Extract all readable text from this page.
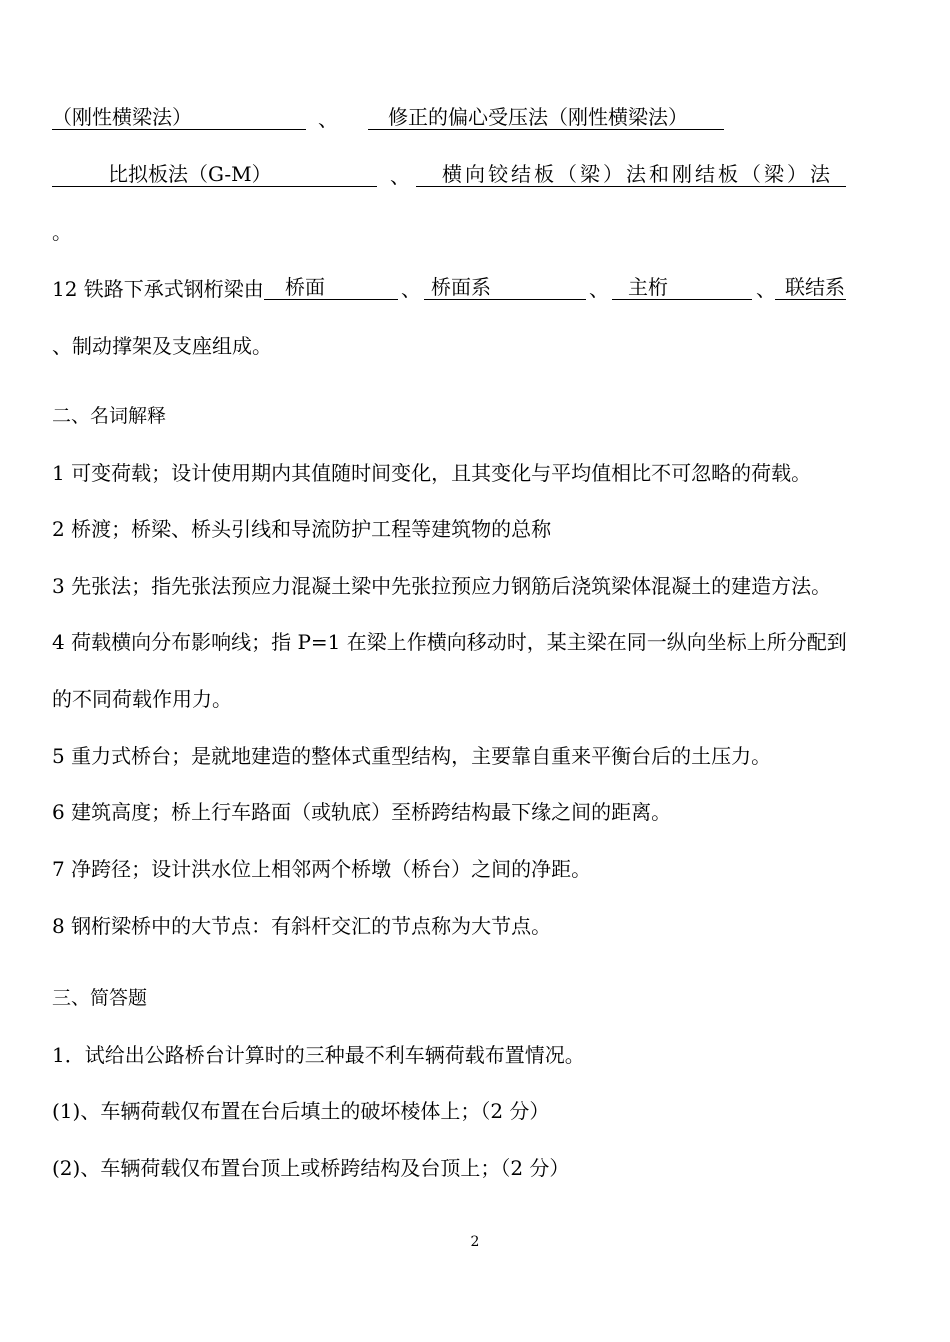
（刚性横梁法）	、	修正的偏心受压法（刚性横梁法）
比拟板法（G-M）	、	横向铰结板（梁）法和刚结板（梁）法
。
12 铁路下承式钢桁梁由	桥面	、 桥面系	、 主桁	、 联结系
、制动撑架及支座组成。
二、名词解释
1 可变荷载；设计使用期内其值随时间变化，且其变化与平均值相比不可忽略的荷载。
2 桥渡；桥梁、桥头引线和导流防护工程等建筑物的总称
3 先张法；指先张法预应力混凝土梁中先张拉预应力钢筋后浇筑梁体混凝土的建造方法。
4 荷载横向分布影响线；指 P=1 在梁上作横向移动时，某主梁在同一纵向坐标上所分配到
的不同荷载作用力。
5 重力式桥台；是就地建造的整体式重型结构，主要靠自重来平衡台后的土压力。
6 建筑高度；桥上行车路面（或轨底）至桥跨结构最下缘之间的距离。
7 净跨径；设计洪水位上相邻两个桥墩（桥台）之间的净距。
8 钢桁梁桥中的大节点：有斜杆交汇的节点称为大节点。
三、简答题
1．试给出公路桥台计算时的三种最不利车辆荷载布置情况。
(1)、车辆荷载仅布置在台后填土的破坏棱体上；（2 分）
(2)、车辆荷载仅布置台顶上或桥跨结构及台顶上；（2 分）
2
